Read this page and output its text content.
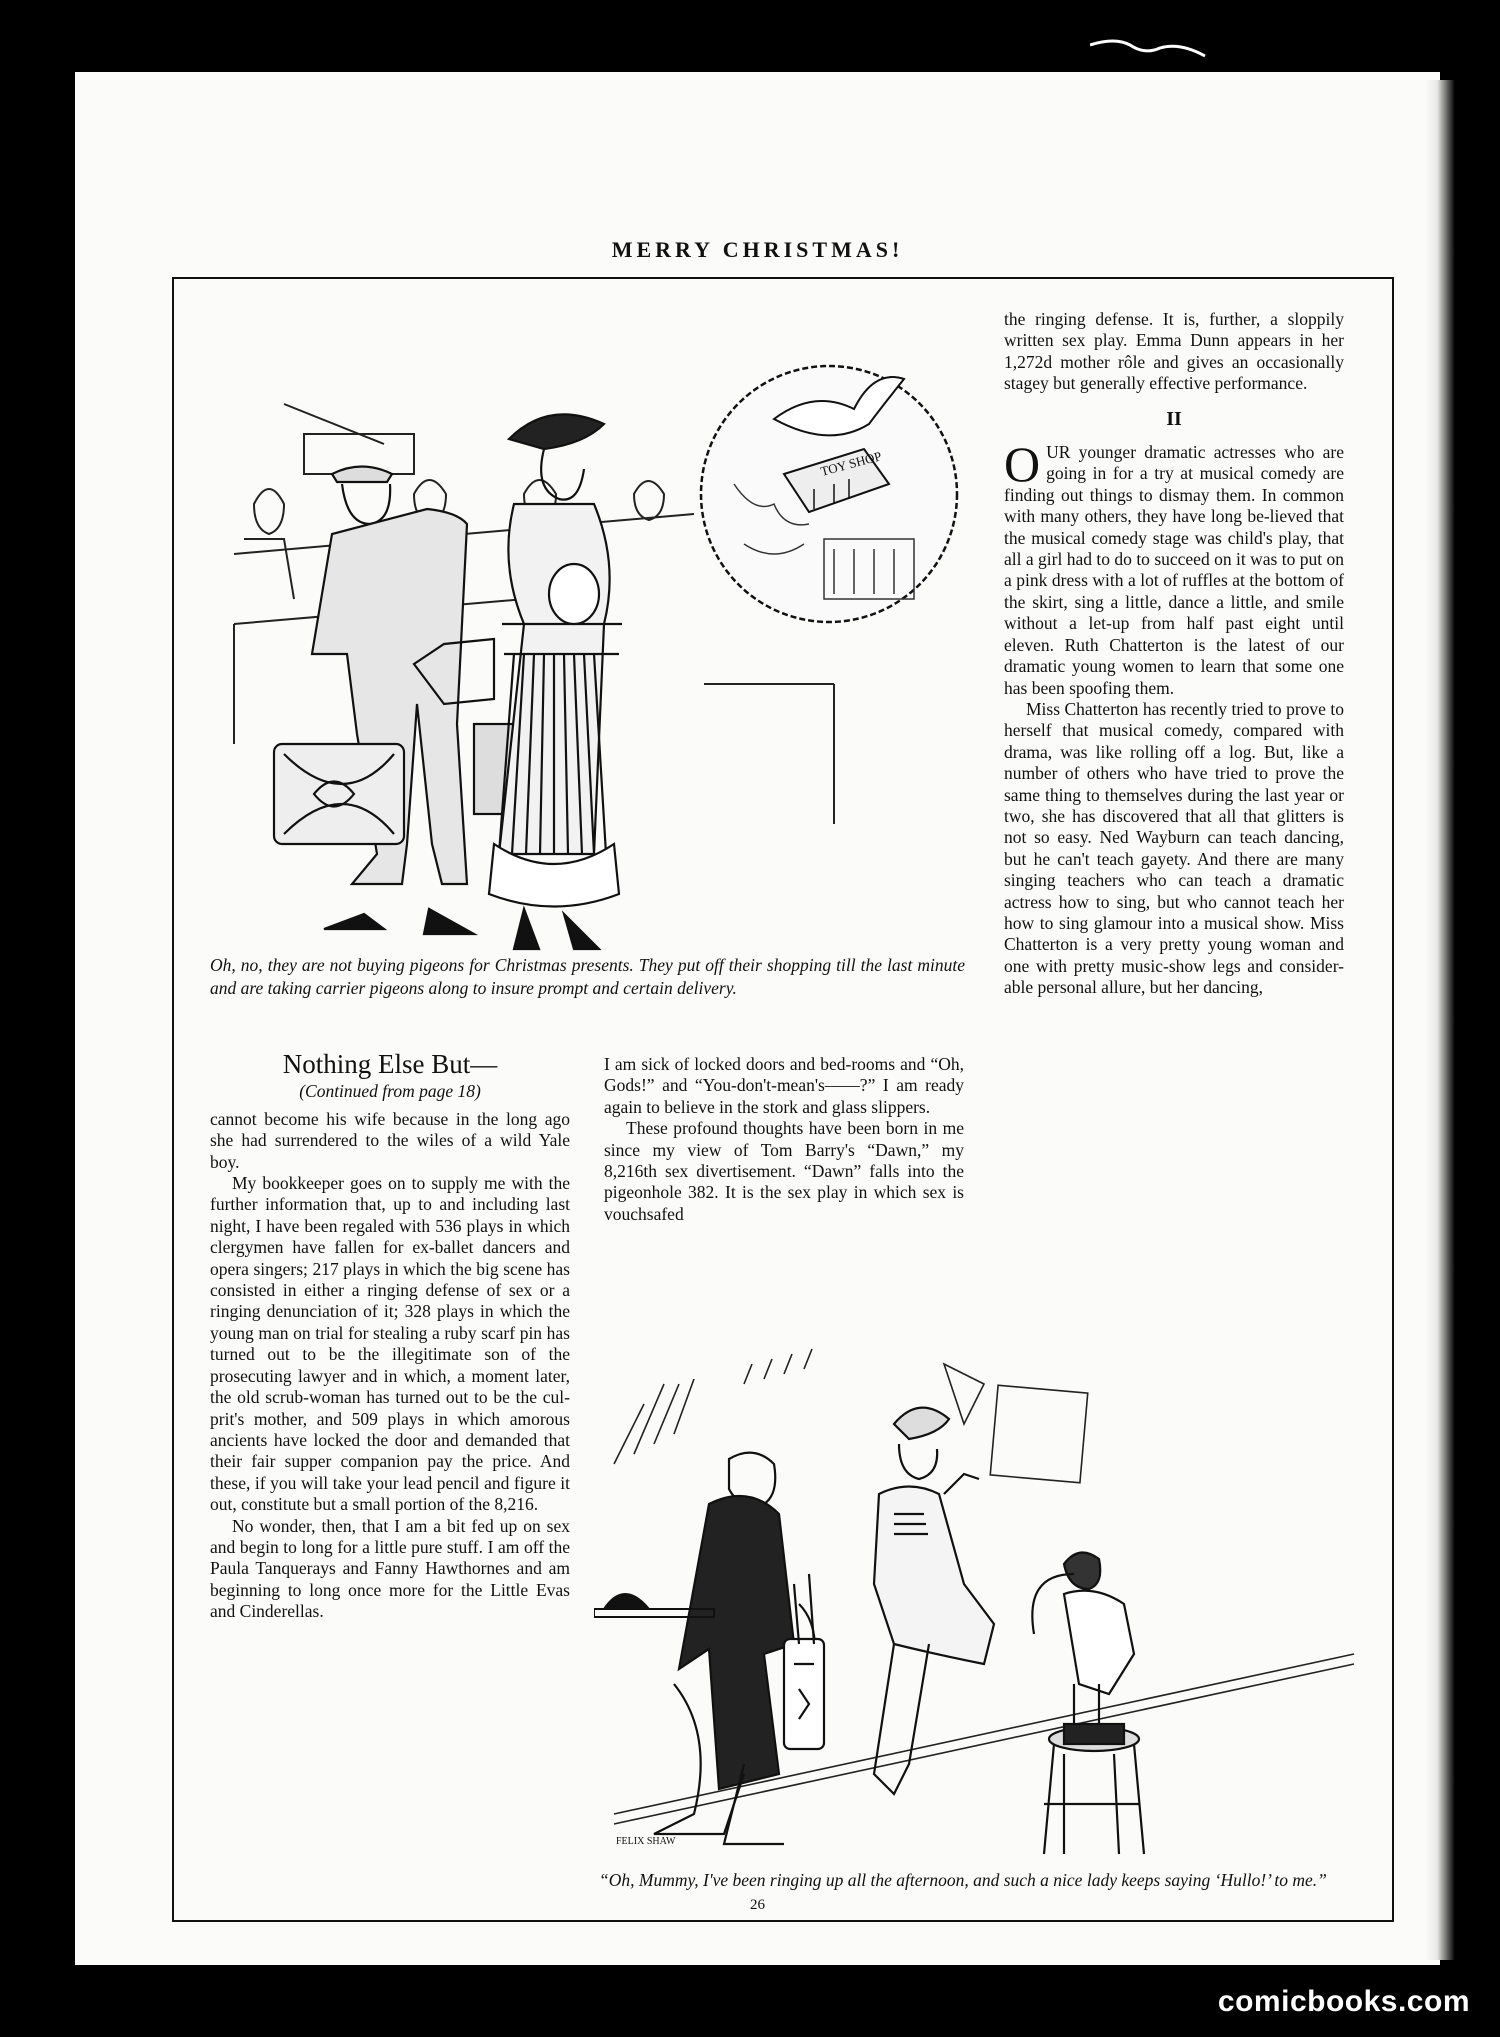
MERRY CHRISTMAS!
TOY SHOP
Oh, no, they are not buying pigeons for Christmas presents. They put off their shopping till the last minute and are taking carrier pigeons along to insure prompt and certain delivery.

the ringing defense. It is, further, a sloppily written sex play. Emma Dunn appears in her 1,272d mother rôle and gives an occasionally stagey but generally effective performance.

II

OUR younger dramatic actresses who are going in for a try at musical comedy are finding out things to dismay them. In common with many others, they have long be-lieved that the musical comedy stage was child's play, that all a girl had to do to succeed on it was to put on a pink dress with a lot of ruffles at the bottom of the skirt, sing a little, dance a little, and smile without a let-up from half past eight until eleven. Ruth Chatterton is the latest of our dramatic young women to learn that some one has been spoofing them.

Miss Chatterton has recently tried to prove to herself that musical comedy, compared with drama, was like rolling off a log. But, like a number of others who have tried to prove the same thing to themselves during the last year or two, she has discovered that all that glitters is not so easy. Ned Wayburn can teach dancing, but he can't teach gayety. And there are many singing teachers who can teach a dramatic actress how to sing, but who cannot teach her how to sing glamour into a musical show. Miss Chatterton is a very pretty young woman and one with pretty music-show legs and consider-able personal allure, but her dancing,

Nothing Else But—
(Continued from page 18)

cannot become his wife because in the long ago she had surrendered to the wiles of a wild Yale boy.

My bookkeeper goes on to supply me with the further information that, up to and including last night, I have been regaled with 536 plays in which clergymen have fallen for ex-ballet dancers and opera singers; 217 plays in which the big scene has consisted in either a ringing defense of sex or a ringing denunciation of it; 328 plays in which the young man on trial for stealing a ruby scarf pin has turned out to be the illegitimate son of the prosecuting lawyer and in which, a moment later, the old scrub-woman has turned out to be the cul-prit's mother, and 509 plays in which amorous ancients have locked the door and demanded that their fair supper companion pay the price. And these, if you will take your lead pencil and figure it out, constitute but a small portion of the 8,216.

No wonder, then, that I am a bit fed up on sex and begin to long for a little pure stuff. I am off the Paula Tanquerays and Fanny Hawthornes and am beginning to long once more for the Little Evas and Cinderellas.

I am sick of locked doors and bed-rooms and “Oh, Gods!” and “You-don't-mean's——?” I am ready again to believe in the stork and glass slippers.

These profound thoughts have been born in me since my view of Tom Barry's “Dawn,” my 8,216th sex divertisement. “Dawn” falls into the pigeonhole 382. It is the sex play in which sex is vouchsafed

FELIX SHAW
“Oh, Mummy, I've been ringing up all the afternoon, and such a nice lady keeps saying ‘Hullo!’ to me.”
26
comicbooks.com
